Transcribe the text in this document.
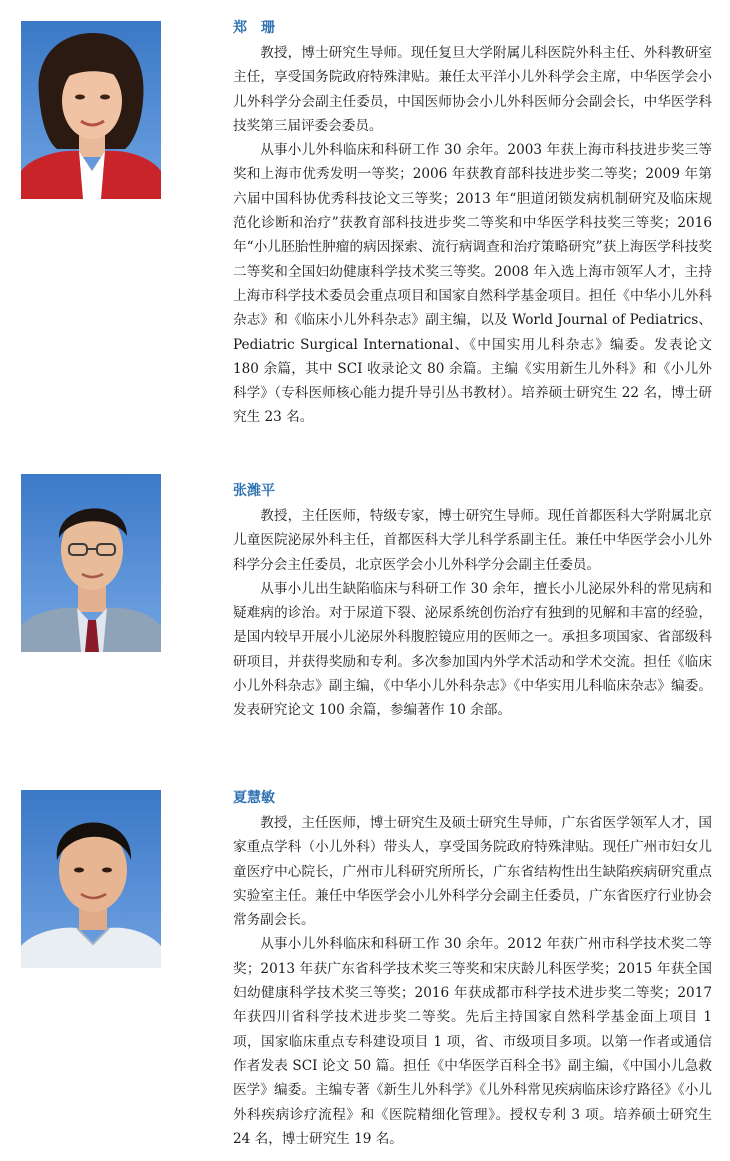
郑　珊

教授，博士研究生导师。现任复旦大学附属儿科医院外科主任、外科教研室主任，享受国务院政府特殊津贴。兼任太平洋小儿外科学会主席，中华医学会小儿外科学分会副主任委员，中国医师协会小儿外科医师分会副会长，中华医学科技奖第三届评委会委员。

从事小儿外科临床和科研工作 30 余年。2003 年获上海市科技进步奖三等奖和上海市优秀发明一等奖；2006 年获教育部科技进步奖二等奖；2009 年第六届中国科协优秀科技论文三等奖；2013 年“胆道闭锁发病机制研究及临床规范化诊断和治疗”获教育部科技进步奖二等奖和中华医学科技奖三等奖；2016 年“小儿胚胎性肿瘤的病因探索、流行病调查和治疗策略研究”获上海医学科技奖二等奖和全国妇幼健康科学技术奖三等奖。2008 年入选上海市领军人才，主持上海市科学技术委员会重点项目和国家自然科学基金项目。担任《中华小儿外科杂志》和《临床小儿外科杂志》副主编，以及 World Journal of Pediatrics、Pediatric Surgical International、《中国实用儿科杂志》编委。发表论文 180 余篇，其中 SCI 收录论文 80 余篇。主编《实用新生儿外科》和《小儿外科学》（专科医师核心能力提升导引丛书教材）。培养硕士研究生 22 名，博士研究生 23 名。

张潍平

教授，主任医师，特级专家，博士研究生导师。现任首都医科大学附属北京儿童医院泌尿外科主任，首都医科大学儿科学系副主任。兼任中华医学会小儿外科学分会主任委员，北京医学会小儿外科学分会副主任委员。

从事小儿出生缺陷临床与科研工作 30 余年，擅长小儿泌尿外科的常见病和疑难病的诊治。对于尿道下裂、泌尿系统创伤治疗有独到的见解和丰富的经验，是国内较早开展小儿泌尿外科腹腔镜应用的医师之一。承担多项国家、省部级科研项目，并获得奖励和专利。多次参加国内外学术活动和学术交流。担任《临床小儿外科杂志》副主编，《中华小儿外科杂志》《中华实用儿科临床杂志》编委。发表研究论文 100 余篇，参编著作 10 余部。

夏慧敏

教授，主任医师，博士研究生及硕士研究生导师，广东省医学领军人才，国家重点学科（小儿外科）带头人，享受国务院政府特殊津贴。现任广州市妇女儿童医疗中心院长，广州市儿科研究所所长，广东省结构性出生缺陷疾病研究重点实验室主任。兼任中华医学会小儿外科学分会副主任委员，广东省医疗行业协会常务副会长。

从事小儿外科临床和科研工作 30 余年。2012 年获广州市科学技术奖二等奖；2013 年获广东省科学技术奖三等奖和宋庆龄儿科医学奖；2015 年获全国妇幼健康科学技术奖三等奖；2016 年获成都市科学技术进步奖二等奖；2017 年获四川省科学技术进步奖二等奖。先后主持国家自然科学基金面上项目 1 项，国家临床重点专科建设项目 1 项，省、市级项目多项。以第一作者或通信作者发表 SCI 论文 50 篇。担任《中华医学百科全书》副主编，《中国小儿急救医学》编委。主编专著《新生儿外科学》《儿外科常见疾病临床诊疗路径》《小儿外科疾病诊疗流程》和《医院精细化管理》。授权专利 3 项。培养硕士研究生 24 名，博士研究生 19 名。
